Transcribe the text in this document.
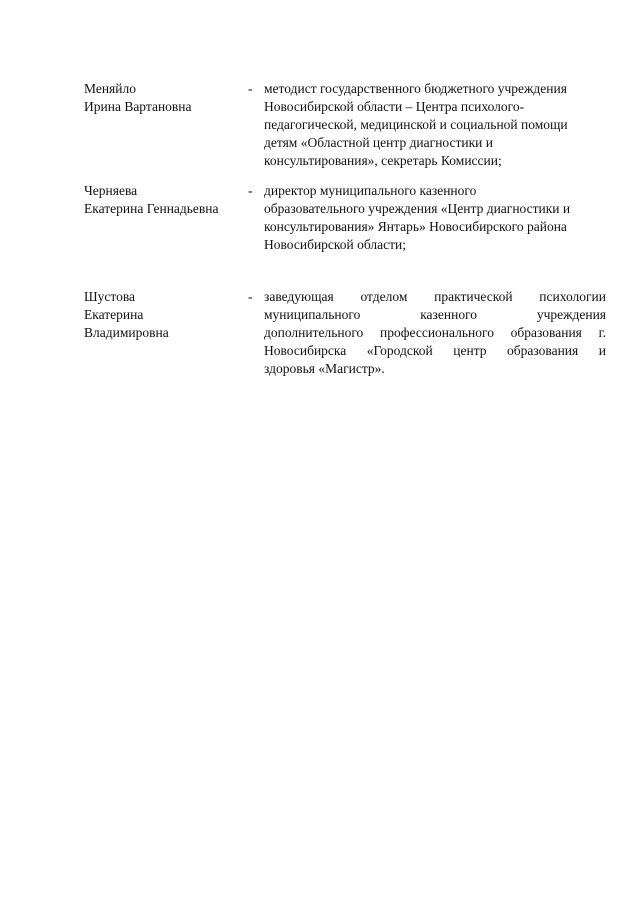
Меняйло
Ирина Вартановна
- методист государственного бюджетного учреждения
Новосибирской области – Центра психолого-
педагогической, медицинской и социальной помощи
детям «Областной центр диагностики и
консультирования», секретарь Комиссии;
Черняева
Екатерина Геннадьевна
- директор муниципального казенного
образовательного учреждения «Центр диагностики и
консультирования» Янтарь» Новосибирского района
Новосибирской области;
Шустова
Екатерина
Владимировна
- заведующая отделом практической психологии
муниципального казенного учреждения
дополнительного профессионального образования г.
Новосибирска «Городской центр образования и
здоровья «Магистр».
